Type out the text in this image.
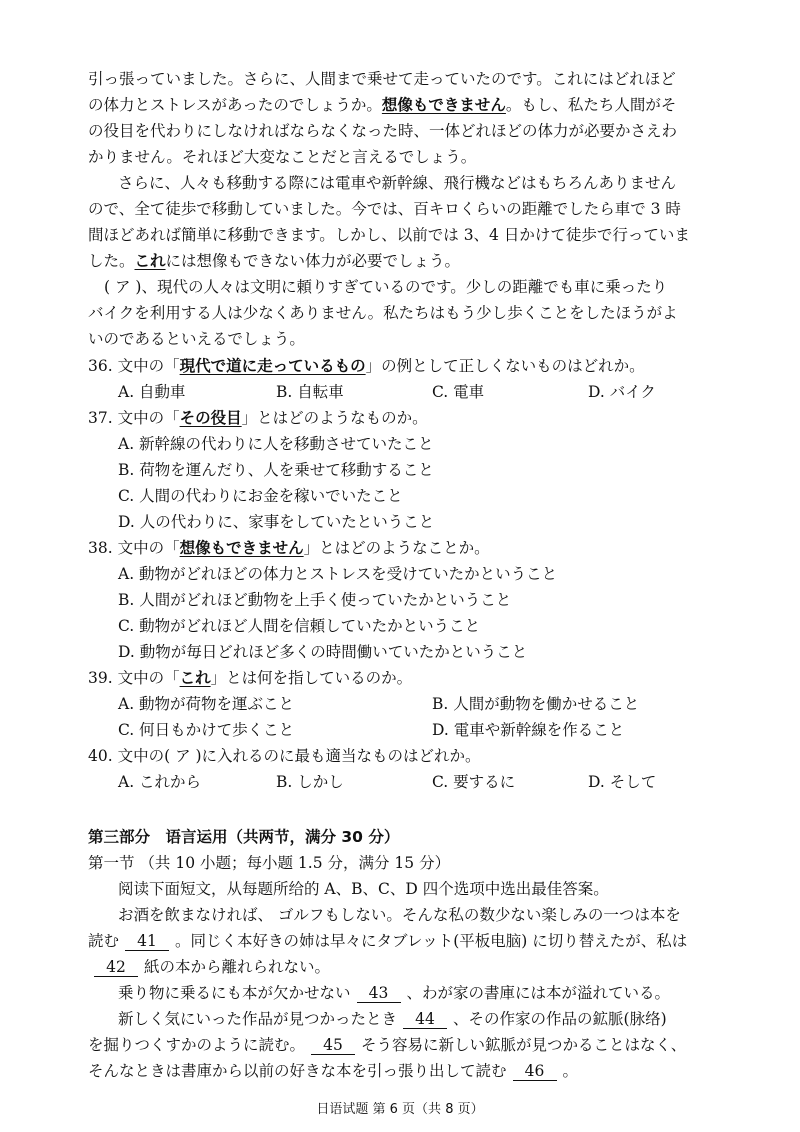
引っ張っていました。さらに、人間まで乗せて走っていたのです。これにはどれほど
の体力とストレスがあったのでしょうか。想像もできません。もし、私たち人間がそ
の役目を代わりにしなければならなくなった時、一体どれほどの体力が必要かさえわ
かりません。それほど大変なことだと言えるでしょう。
さらに、人々も移動する際には電車や新幹線、飛行機などはもちろんありません
ので、全て徒歩で移動していました。今では、百キロくらいの距離でしたら車で 3 時
間ほどあれば簡単に移動できます。しかし、以前では 3、4 日かけて徒歩で行っていま
した。これには想像もできない体力が必要でしょう。
( ア )、現代の人々は文明に頼りすぎているのです。少しの距離でも車に乗ったり
バイクを利用する人は少なくありません。私たちはもう少し歩くことをしたほうがよ
いのであるといえるでしょう。
36. 文中の「現代で道に走っているもの」の例として正しくないものはどれか。
A. 自動車	B. 自転車	C. 電車	D. バイク
37. 文中の「その役目」とはどのようなものか。
A. 新幹線の代わりに人を移動させていたこと
B. 荷物を運んだり、人を乗せて移動すること
C. 人間の代わりにお金を稼いでいたこと
D. 人の代わりに、家事をしていたということ
38. 文中の「想像もできません」とはどのようなことか。
A. 動物がどれほどの体力とストレスを受けていたかということ
B. 人間がどれほど動物を上手く使っていたかということ
C. 動物がどれほど人間を信頼していたかということ
D. 動物が毎日どれほど多くの時間働いていたかということ
39. 文中の「これ」とは何を指しているのか。
A. 動物が荷物を運ぶこと	B. 人間が動物を働かせること
C. 何日もかけて歩くこと	D. 電車や新幹線を作ること
40. 文中の( ア )に入れるのに最も適当なものはどれか。
A. これから	B. しかし	C. 要するに	D. そして
第三部分　语言运用（共两节，满分 30 分）
第一节 （共 10 小题；每小题 1.5 分，满分 15 分）
阅读下面短文，从每题所给的 A、B、C、D 四个选项中选出最佳答案。
お酒を飲まなければ、 ゴルフもしない。そんな私の数少ない楽しみの一つは本を
読む 41 。同じく本好きの姉は早々にタブレット(平板电脑) に切り替えたが、私は
42 紙の本から離れられない。
乗り物に乗るにも本が欠かせない 43 、わが家の書庫には本が溢れている。
新しく気にいった作品が見つかったとき 44 、その作家の作品の鉱脈(脉络)
を掘りつくすかのように読む。 45 そう容易に新しい鉱脈が見つかることはなく、
そんなときは書庫から以前の好きな本を引っ張り出して読む 46 。
日语试题 第 6 页（共 8 页）
